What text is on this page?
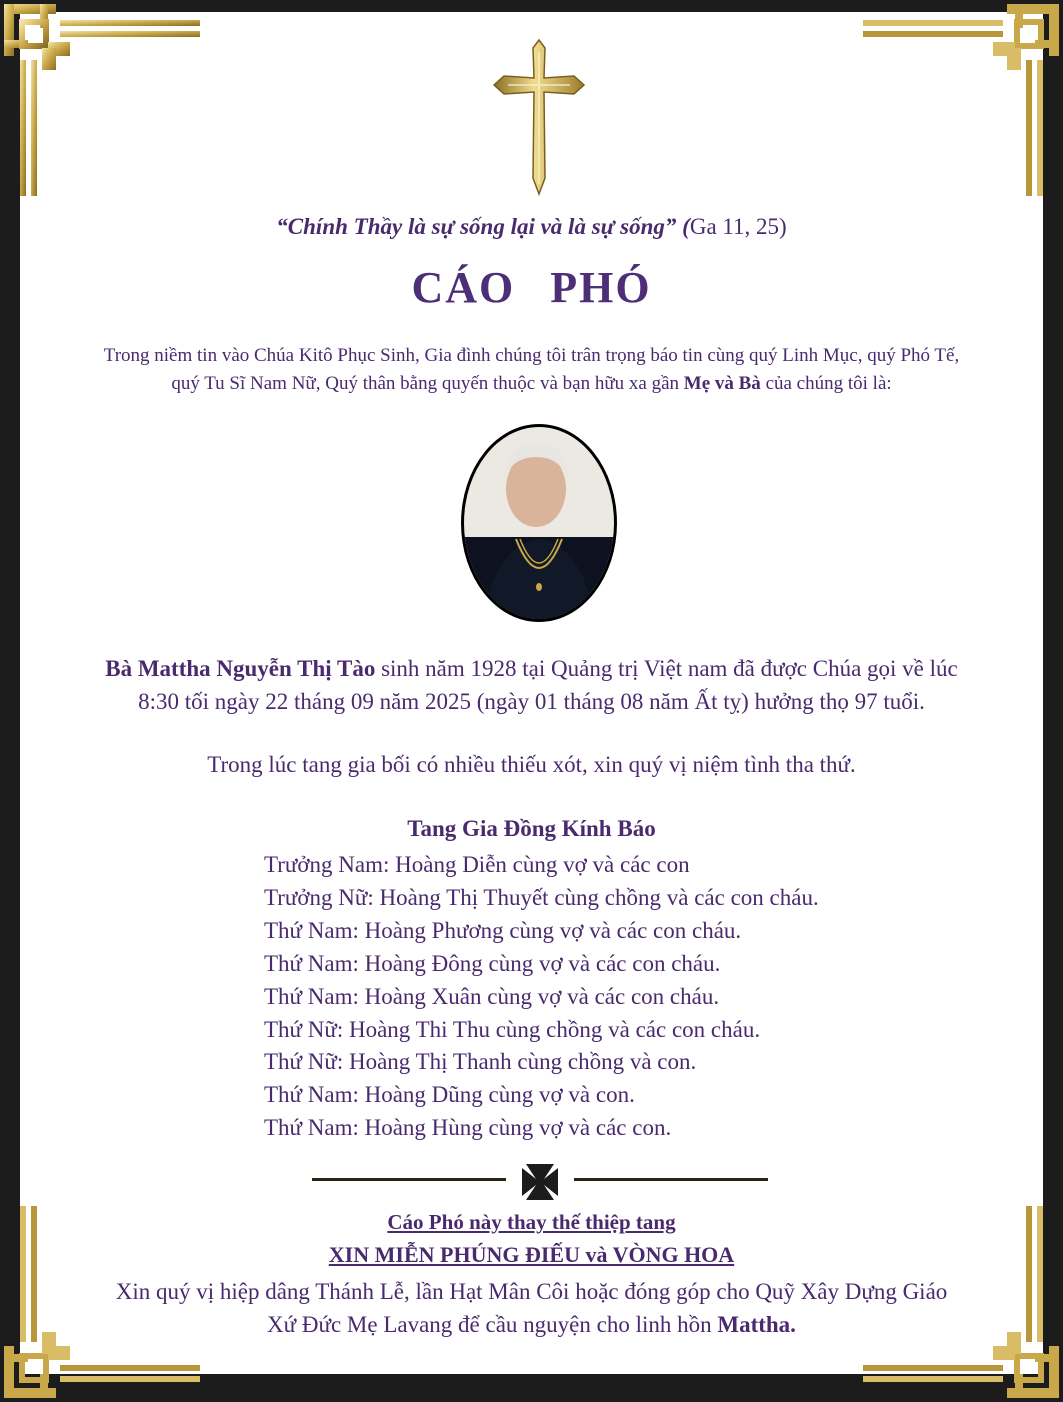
“Chính Thầy là sự sống lại và là sự sống” (Ga 11, 25)
CÁO PHÓ
Trong niềm tin vào Chúa Kitô Phục Sinh, Gia đình chúng tôi trân trọng báo tin cùng quý Linh Mục, quý Phó Tế,
quý Tu Sĩ Nam Nữ, Quý thân bằng quyến thuộc và bạn hữu xa gần Mẹ và Bà của chúng tôi là:
Bà Mattha Nguyễn Thị Tào sinh năm 1928 tại Quảng trị Việt nam đã được Chúa gọi về lúc
8:30 tối ngày 22 tháng 09 năm 2025 (ngày 01 tháng 08 năm Ất tỵ) hưởng thọ 97 tuổi.
Trong lúc tang gia bối có nhiều thiếu xót, xin quý vị niệm tình tha thứ.
Tang Gia Đồng Kính Báo
Trưởng Nam: Hoàng Diễn cùng vợ và các con
Trưởng Nữ: Hoàng Thị Thuyết cùng chồng và các con cháu.
Thứ Nam: Hoàng Phương cùng vợ và các con cháu.
Thứ Nam: Hoàng Đông cùng vợ và các con cháu.
Thứ Nam: Hoàng Xuân cùng vợ và các con cháu.
Thứ Nữ: Hoàng Thi Thu cùng chồng và các con cháu.
Thứ Nữ: Hoàng Thị Thanh cùng chồng và con.
Thứ Nam: Hoàng Dũng cùng vợ và con.
Thứ Nam: Hoàng Hùng cùng vợ và các con.
Cáo Phó này thay thế thiệp tang
XIN MIỄN PHÚNG ĐIẾU và VÒNG HOA
Xin quý vị hiệp dâng Thánh Lễ, lần Hạt Mân Côi hoặc đóng góp cho Quỹ Xây Dựng Giáo
Xứ Đức Mẹ Lavang để cầu nguyện cho linh hồn Mattha.
